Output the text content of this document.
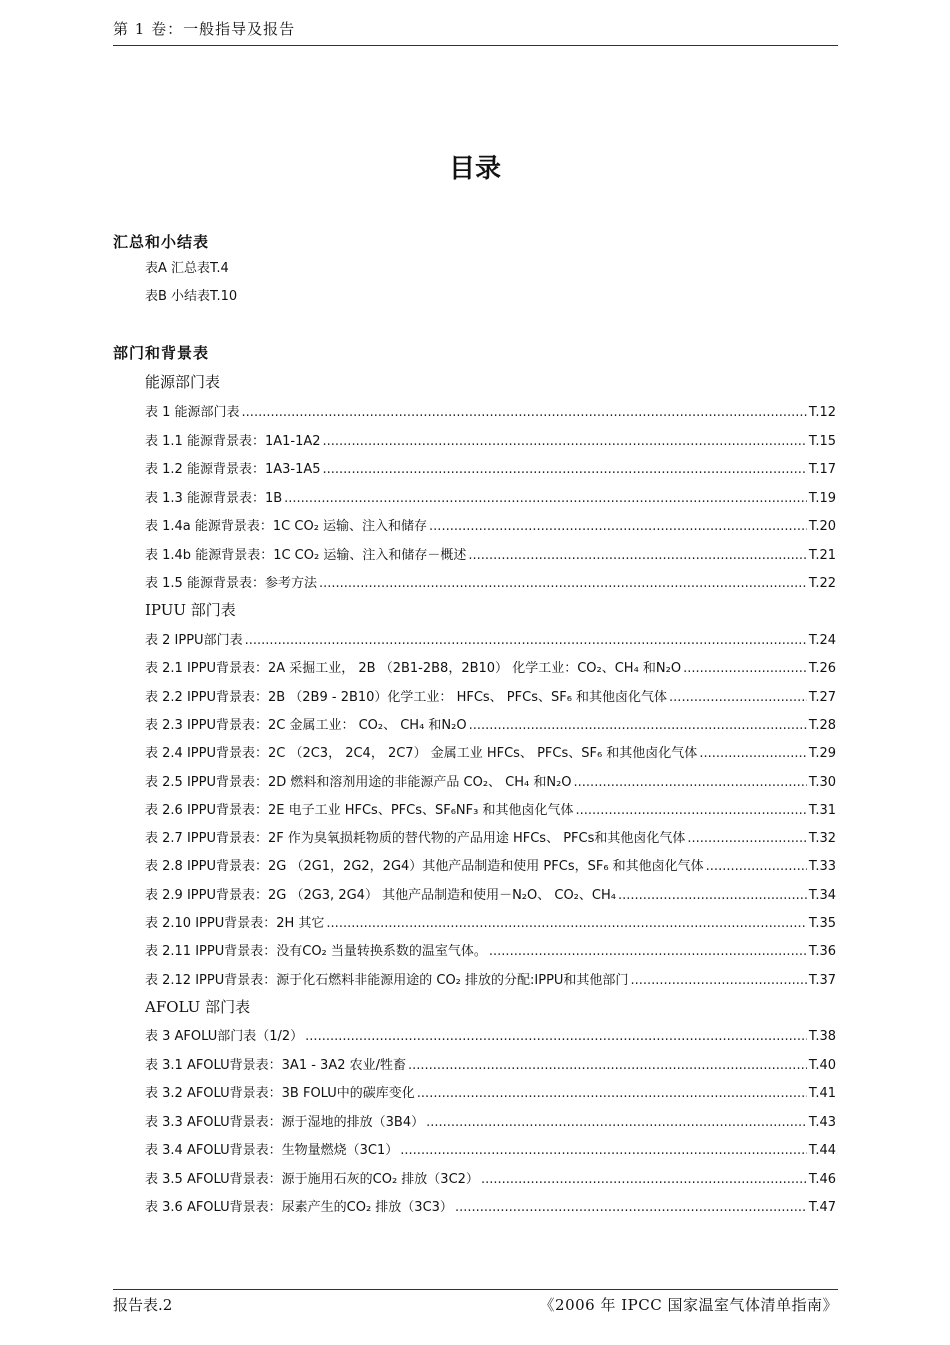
第 1 卷：一般指导及报告
目录
汇总和小结表
表A 汇总表T.4
表B 小结表T.10
部门和背景表
能源部门表
表 1 能源部门表 .....	T.12
表 1.1 能源背景表：1A1-1A2 .....	T.15
表 1.2 能源背景表：1A3-1A5 .....	T.17
表 1.3 能源背景表：1B .....	T.19
表 1.4a 能源背景表：1C CO₂ 运输、注入和储存 .....	T.20
表 1.4b 能源背景表：1C CO₂ 运输、注入和储存－概述 .....	T.21
表 1.5 能源背景表：参考方法 .....	T.22
IPUU 部门表
表 2 IPPU部门表 .....	T.24
表 2.1 IPPU背景表：2A 采掘工业， 2B （2B1-2B8，2B10） 化学工业：CO₂、CH₄ 和N₂O .....	T.26
表 2.2 IPPU背景表：2B （2B9 - 2B10）化学工业： HFCs、 PFCs、SF₆ 和其他卤化气体 .....	T.27
表 2.3 IPPU背景表：2C 金属工业： CO₂、 CH₄ 和N₂O .....	T.28
表 2.4 IPPU背景表：2C （2C3， 2C4， 2C7） 金属工业 HFCs、 PFCs、SF₆ 和其他卤化气体 .....	T.29
表 2.5 IPPU背景表：2D 燃料和溶剂用途的非能源产品 CO₂、 CH₄ 和N₂O .....	T.30
表 2.6 IPPU背景表：2E 电子工业 HFCs、PFCs、SF₆NF₃ 和其他卤化气体 .....	T.31
表 2.7 IPPU背景表：2F 作为臭氧损耗物质的替代物的产品用途 HFCs、 PFCs和其他卤化气体 .....	T.32
表 2.8 IPPU背景表：2G （2G1，2G2，2G4）其他产品制造和使用 PFCs，SF₆ 和其他卤化气体 .....	T.33
表 2.9 IPPU背景表：2G （2G3, 2G4） 其他产品制造和使用－N₂O、 CO₂、CH₄ .....	T.34
表 2.10 IPPU背景表：2H 其它 .....	T.35
表 2.11 IPPU背景表：没有CO₂ 当量转换系数的温室气体。 .....	T.36
表 2.12 IPPU背景表：源于化石燃料非能源用途的 CO₂ 排放的分配:IPPU和其他部门 .....	T.37
AFOLU 部门表
表 3 AFOLU部门表（1/2） .....	T.38
表 3.1 AFOLU背景表：3A1 - 3A2 农业/牲畜 .....	T.40
表 3.2 AFOLU背景表：3B FOLU中的碳库变化 .....	T.41
表 3.3 AFOLU背景表：源于湿地的排放（3B4） .....	T.43
表 3.4 AFOLU背景表：生物量燃烧（3C1） .....	T.44
表 3.5 AFOLU背景表：源于施用石灰的CO₂ 排放（3C2） .....	T.46
表 3.6 AFOLU背景表：尿素产生的CO₂ 排放（3C3） .....	T.47
报告表.2	《2006 年 IPCC 国家温室气体清单指南》
